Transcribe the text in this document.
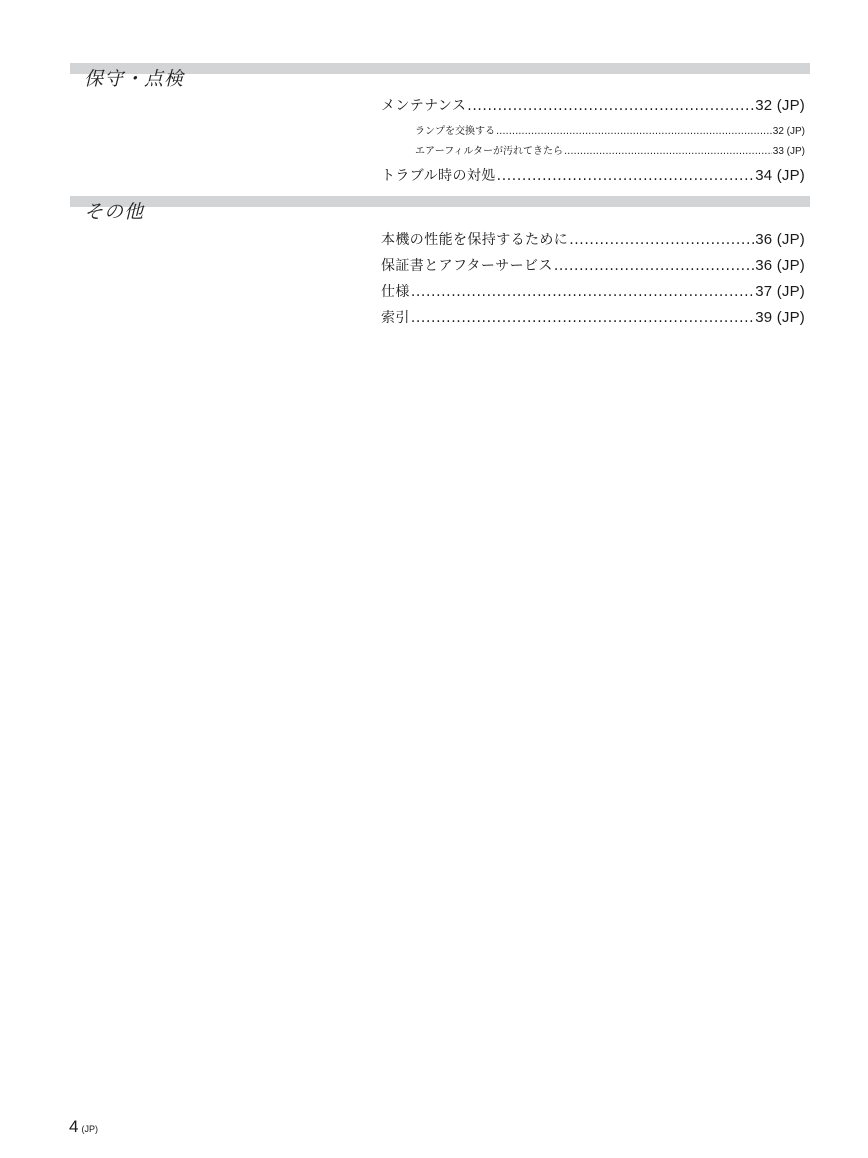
保守・点検
メンテナンス .....	32 (JP)
ランプを交換する .....	32 (JP)
エアーフィルターが汚れてきたら .....	33 (JP)
トラブル時の対処 .....	34 (JP)
その他
本機の性能を保持するために .....	36 (JP)
保証書とアフターサービス .....	36 (JP)
仕様 .....	37 (JP)
索引 .....	39 (JP)
4 (JP)
